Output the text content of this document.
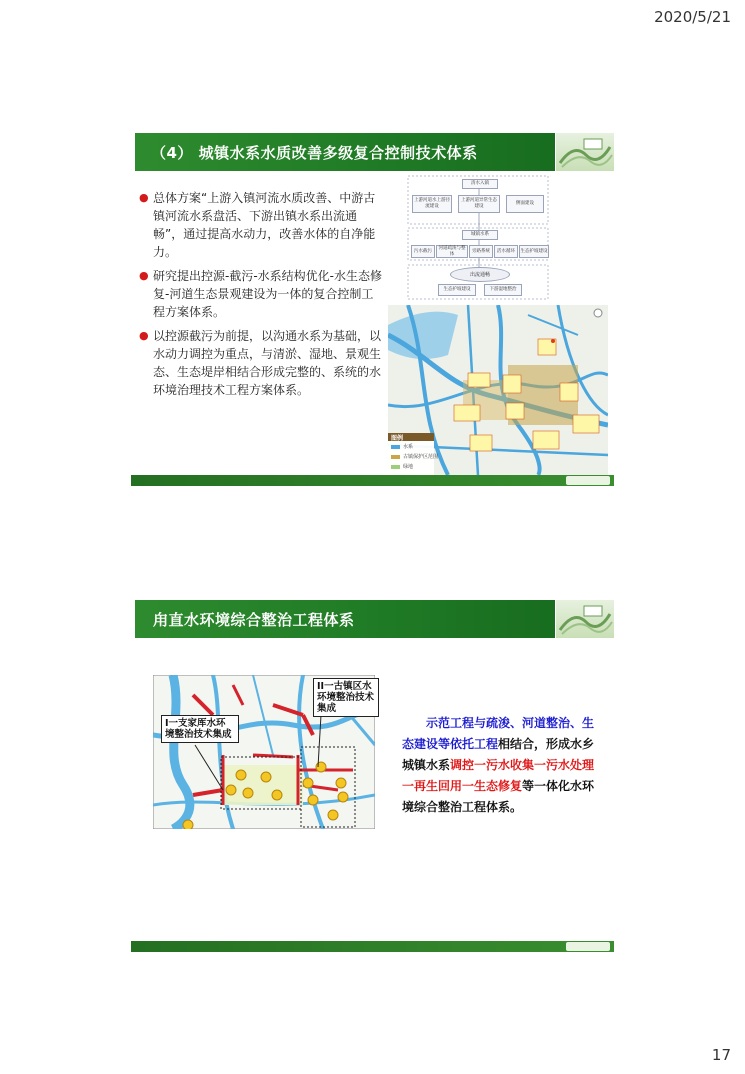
2020/5/21
（4） 城镇水系水质改善多级复合控制技术体系
● 总体方案“上游入镇河流水质改善、中游古镇河流水系盘活、下游出镇水系出流通畅”，通过提高水动力，改善水体的自净能力。
● 研究提出控源-截污-水系结构优化-水生态修复-河道生态景观建设为一体的复合控制工程方案体系。
● 以控源截污为前提，以沟通水系为基础，以水动力调控为重点，与清淤、湿地、景观生态、生态堤岸相结合形成完整的、系统的水环境治理技术工程方案体系。
清水入镇
上游河道水上游径流建设
上游河道异常生态建设
侧面建设
城镇水系
污水截污
河道疏浚与整体
旁路系统	活水循环	生态护坡建设
出流通畅
生态护坡建设	下游湿地整治
图例
水系
古镇保护区范围
绿地
甪直水环境综合整治工程体系
I一支家厍水环境整治技术集成
II一古镇区水环境整治技术集成
示范工程与疏浚、河道整治、生态建设等依托工程相结合，形成水乡城镇水系调控一污水收集一污水处理一再生回用一生态修复等一体化水环境综合整治工程体系。
17
